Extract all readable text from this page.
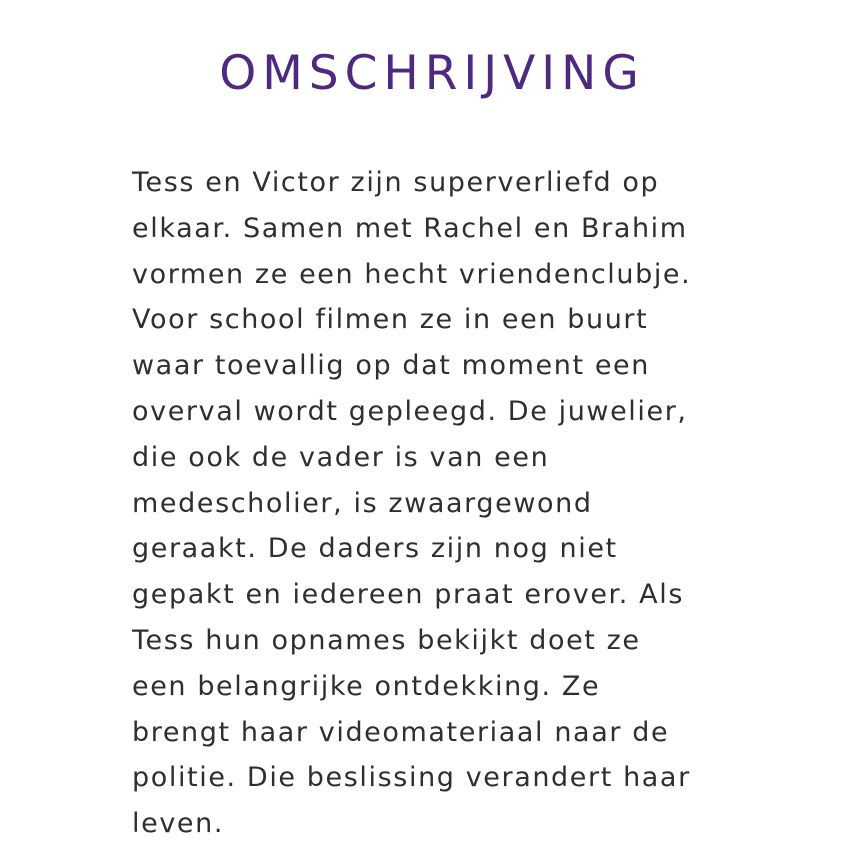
OMSCHRIJVING

Tess en Victor zijn superverliefd op
elkaar. Samen met Rachel en Brahim
vormen ze een hecht vriendenclubje.
Voor school filmen ze in een buurt
waar toevallig op dat moment een
overval wordt gepleegd. De juwelier,
die ook de vader is van een
medescholier, is zwaargewond
geraakt. De daders zijn nog niet
gepakt en iedereen praat erover. Als
Tess hun opnames bekijkt doet ze
een belangrijke ontdekking. Ze
brengt haar videomateriaal naar de
politie. Die beslissing verandert haar
leven.
